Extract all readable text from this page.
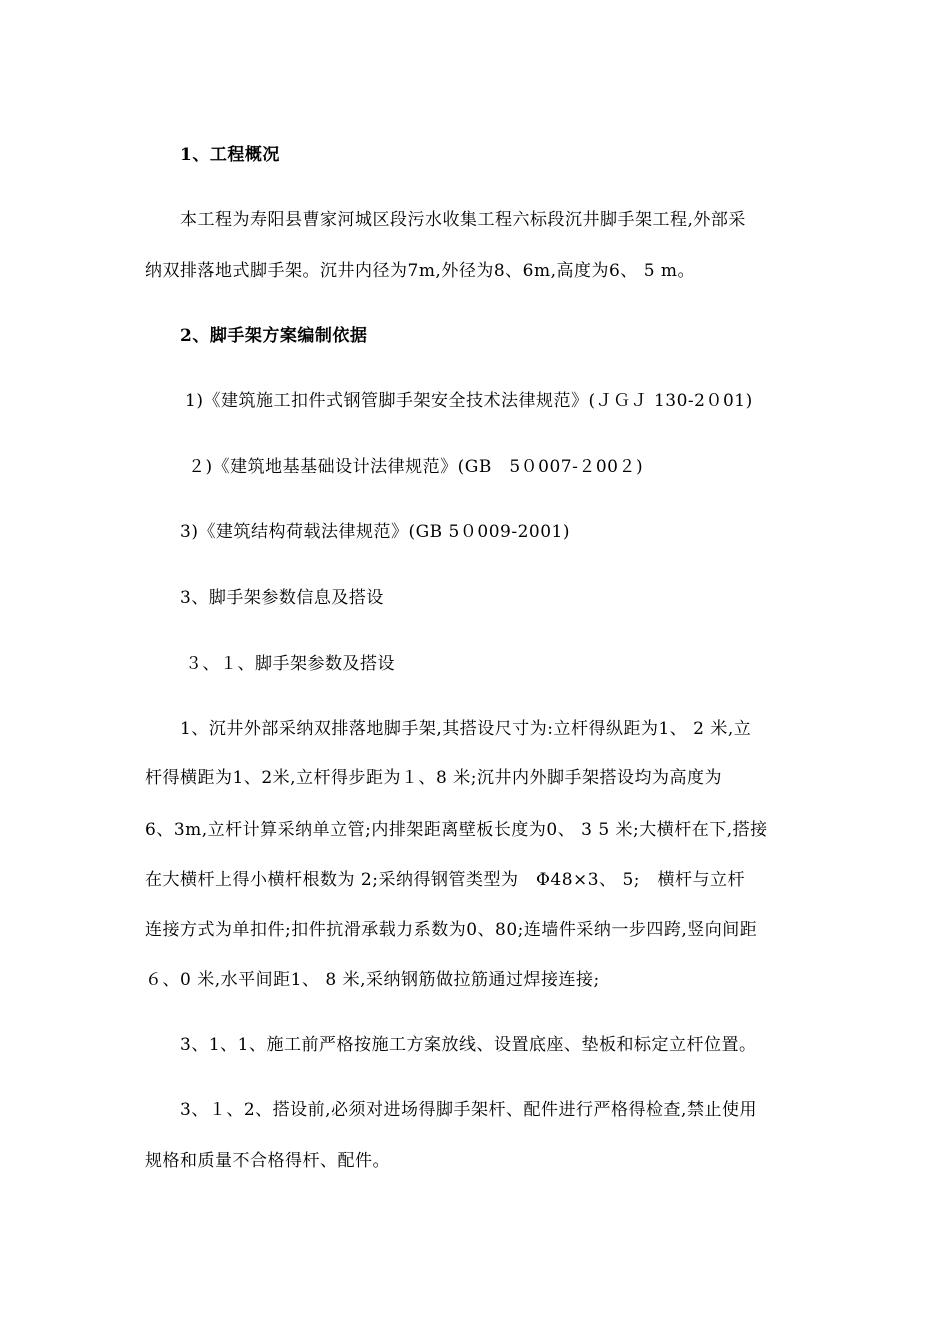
1、工程概况
本工程为寿阳县曹家河城区段污水收集工程六标段沉井脚手架工程,外部采
纳双排落地式脚手架。沉井内径为7m,外径为8、6m,高度为6、 5 m。
2、脚手架方案编制依据
1)《建筑施工扣件式钢管脚手架安全技术法律规范》(ＪＧＪ 130-2０01)
２)《建筑地基基础设计法律规范》(GB　5０007-２00２)
3)《建筑结构荷载法律规范》(GB 5０009-2001)
3、脚手架参数信息及搭设
３、１、脚手架参数及搭设
1、沉井外部采纳双排落地脚手架,其搭设尺寸为:立杆得纵距为1、 2 米,立
杆得横距为1、2米,立杆得步距为１、8 米;沉井内外脚手架搭设均为高度为
6、3m,立杆计算采纳单立管;内排架距离壁板长度为0、 3 5 米;大横杆在下,搭接
在大横杆上得小横杆根数为 2;采纳得钢管类型为　Φ48×3、 5;　横杆与立杆
连接方式为单扣件;扣件抗滑承载力系数为0、80;连墙件采纳一步四跨,竖向间距
６、0 米,水平间距1、 8 米,采纳钢筋做拉筋通过焊接连接;
3、1、1、施工前严格按施工方案放线、设置底座、垫板和标定立杆位置。
3、１、2、搭设前,必须对进场得脚手架杆、配件进行严格得检查,禁止使用
规格和质量不合格得杆、配件。
